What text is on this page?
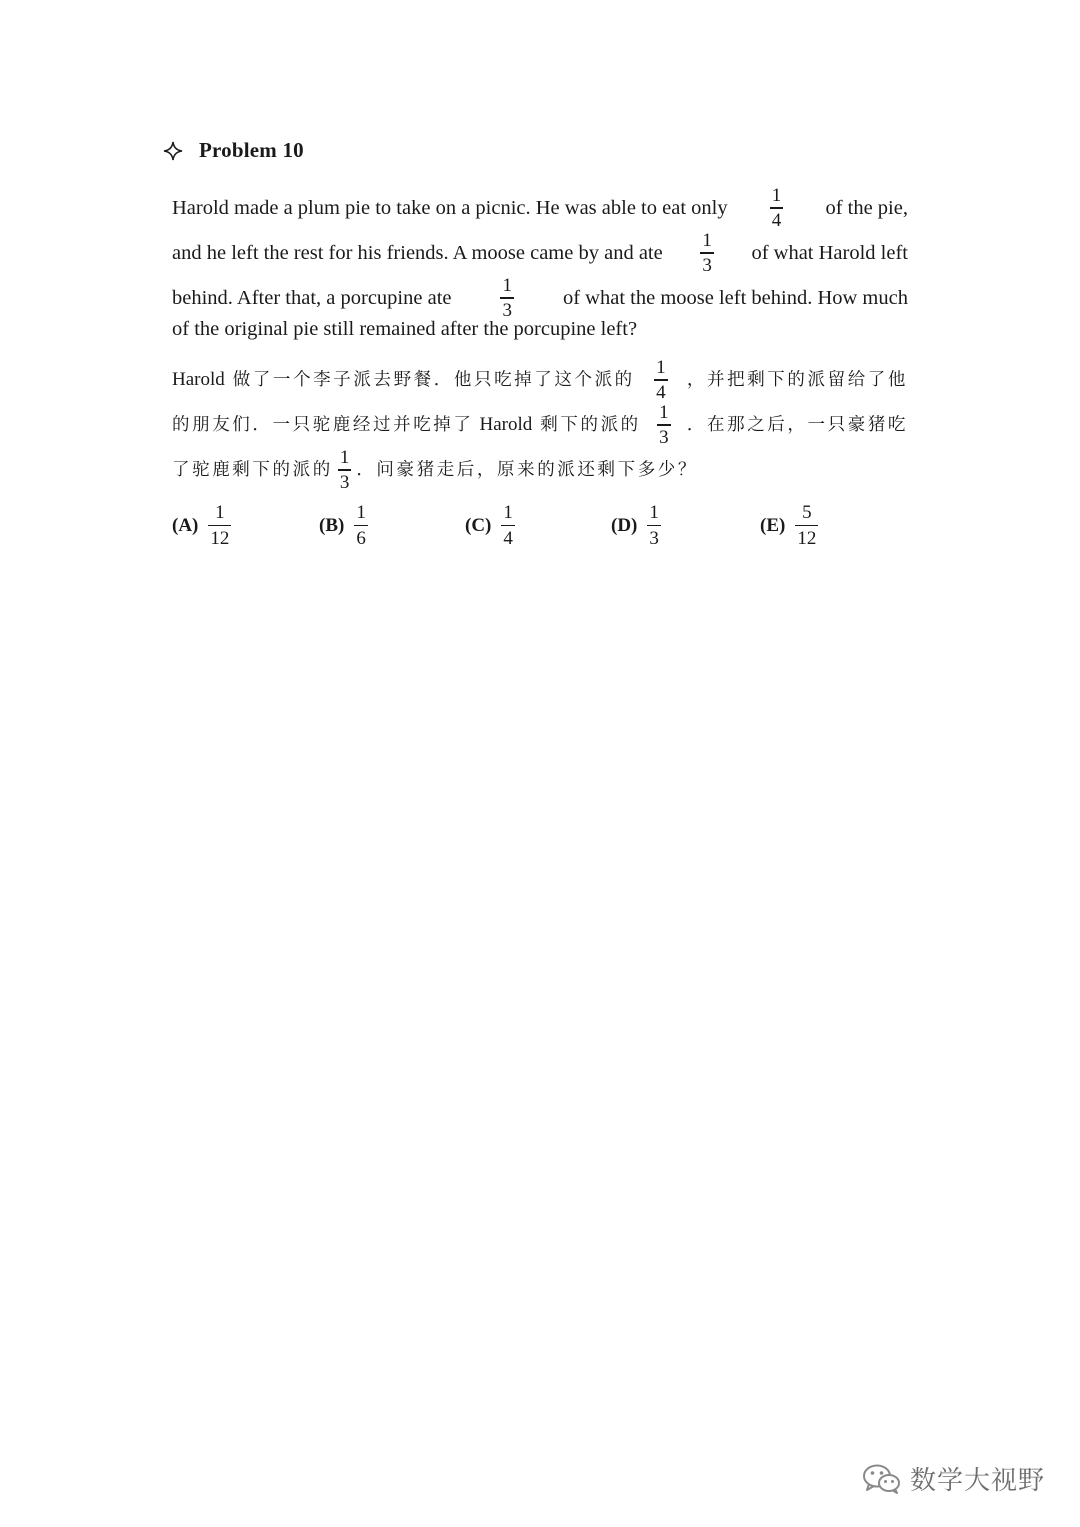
Problem 10
Harold made a plum pie to take on a picnic. He was able to eat only $\frac{1}{4}$ of the pie,
and he left the rest for his friends. A moose came by and ate $\frac{1}{3}$ of what Harold left
behind. After that, a porcupine ate	$\frac{1}{3}$ of what the moose left behind. How much
of the original pie still remained after the porcupine left?
Harold 做了一个李子派去野餐．他只吃掉了这个派的 $\frac{1}{4}$ ，并把剩下的派留给了他
的朋友们．一只驼鹿经过并吃掉了 Harold 剩下的派的 $\frac{1}{3}$ ．在那之后，一只豪猪吃
了驼鹿剩下的派的 $\frac{1}{3}$ ．问豪猪走后，原来的派还剩下多少？
$(A) \frac{1}{12}$	$(B) \frac{1}{6}$	$(C) \frac{1}{4}$	$(D) \frac{1}{3}$	$(E) \frac{5}{12}$
数学大视野
